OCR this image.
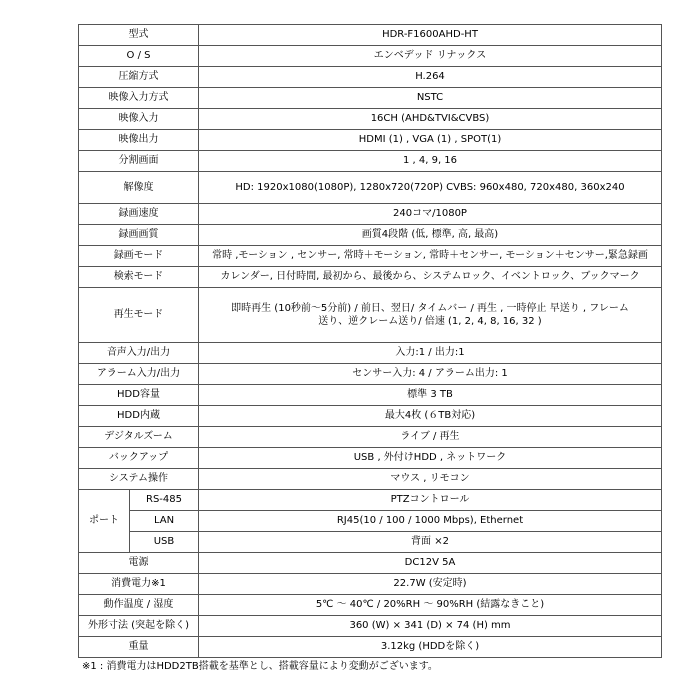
型式		HDR-F1600AHD-HT
O / S		エンベデッド リナックス
圧縮方式		H.264
映像入力方式		NSTC
映像入力		16CH (AHD&TVI&CVBS)
映像出力		HDMI (1) , VGA (1) , SPOT(1)
分割画面		1 , 4, 9, 16
解像度		HD: 1920x1080(1080P), 1280x720(720P) CVBS: 960x480, 720x480, 360x240
録画速度		240コマ/1080P
録画画質		画質4段階 (低, 標準, 高, 最高)
録画モード		常時 ,モーション , センサー, 常時＋モーション, 常時＋センサー, モーション＋センサー,緊急録画
検索モード		カレンダー, 日付時間, 最初から、最後から、システムロック、イベントロック、ブックマーク
再生モード		即時再生 (10秒前〜5分前) / 前日、翌日/ タイムバー / 再生 , 一時停止 早送り , フレーム送り、逆クレーム送り/ 倍速 (1, 2, 4, 8, 16, 32 )
音声入力/出力		入力:1 / 出力:1
アラーム入力/出力		センサー入力: 4 / アラーム出力: 1
HDD容量		標準 3 TB
HDD内蔵		最大4枚 (６TB対応)
デジタルズーム		ライブ / 再生
バックアップ		USB , 外付けHDD , ネットワーク
システム操作		マウス , リモコン
ポート	RS-485	PTZコントロール
	LAN	RJ45(10 / 100 / 1000 Mbps), Ethernet
	USB	背面 ×2
電源		DC12V 5A
消費電力※1		22.7W (安定時)
動作温度 / 湿度		5℃ 〜 40℃ / 20%RH 〜 90%RH (結露なきこと)
外形寸法 (突起を除く)		360 (W) × 341 (D) × 74 (H) mm
重量		3.12kg (HDDを除く)
※1 : 消費電力はHDD2TB搭載を基準とし、搭載容量により変動がございます。
